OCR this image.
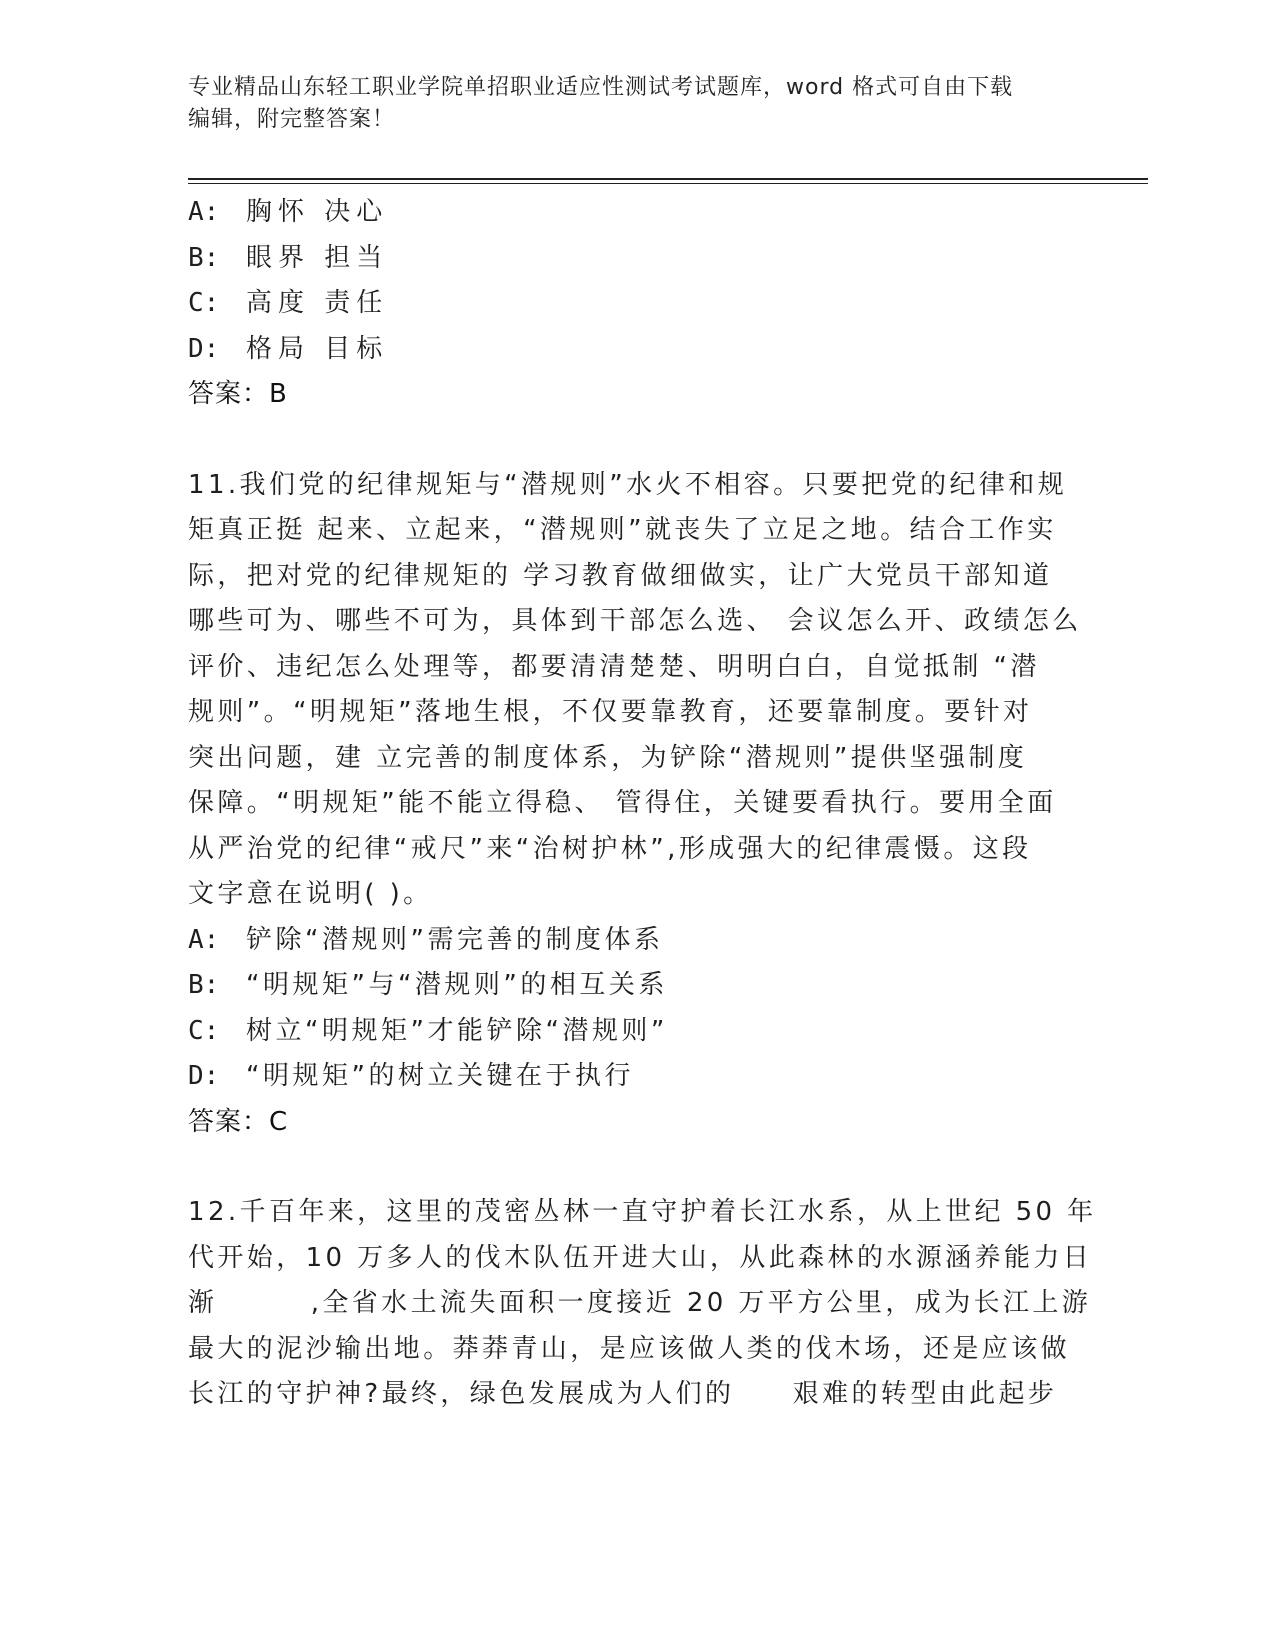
专业精品山东轻工职业学院单招职业适应性测试考试题库，word 格式可自由下载
编辑，附完整答案！
A: 胸怀 决心
B: 眼界 担当
C: 高度 责任
D: 格局 目标
答案：B
11.我们党的纪律规矩与“潜规则”水火不相容。只要把党的纪律和规
矩真正挺 起来、立起来，“潜规则”就丧失了立足之地。结合工作实
际，把对党的纪律规矩的 学习教育做细做实，让广大党员干部知道
哪些可为、哪些不可为，具体到干部怎么选、 会议怎么开、政绩怎么
评价、违纪怎么处理等，都要清清楚楚、明明白白，自觉抵制 “潜
规则”。“明规矩”落地生根，不仅要靠教育，还要靠制度。要针对
突出问题，建 立完善的制度体系，为铲除“潜规则”提供坚强制度
保障。“明规矩”能不能立得稳、 管得住，关键要看执行。要用全面
从严治党的纪律“戒尺”来“治树护林”,形成强大的纪律震慑。这段
文字意在说明( )。
A: 铲除“潜规则”需完善的制度体系
B: “明规矩”与“潜规则”的相互关系
C: 树立“明规矩”才能铲除“潜规则”
D: “明规矩”的树立关键在于执行
答案：C
12.千百年来，这里的茂密丛林一直守护着长江水系，从上世纪 50 年
代开始，10 万多人的伐木队伍开进大山，从此森林的水源涵养能力日
渐        ,全省水土流失面积一度接近 20 万平方公里，成为长江上游
最大的泥沙输出地。莽莽青山，是应该做人类的伐木场，还是应该做
长江的守护神?最终，绿色发展成为人们的     艰难的转型由此起步
